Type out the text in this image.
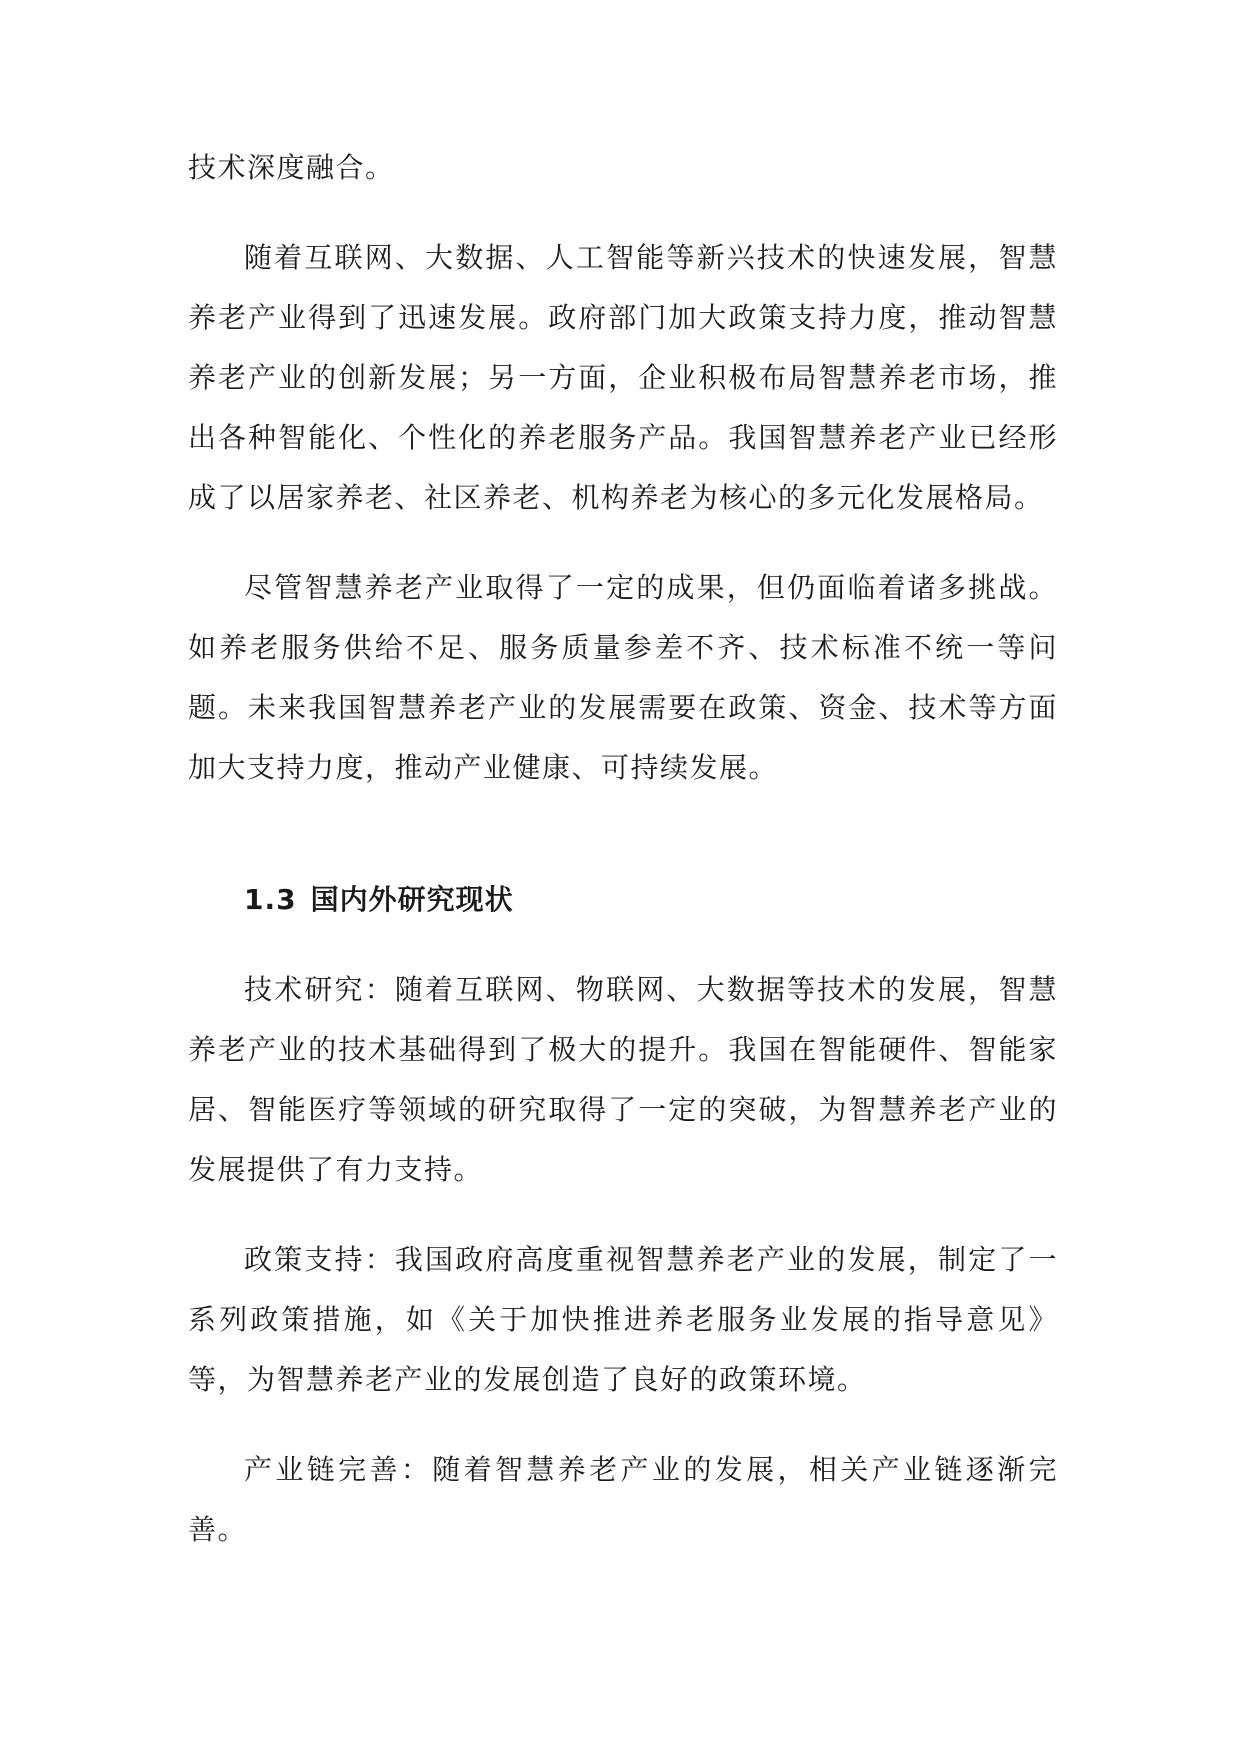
技术深度融合。

随着互联网、大数据、人工智能等新兴技术的快速发展，智慧养老产业得到了迅速发展。政府部门加大政策支持力度，推动智慧养老产业的创新发展；另一方面，企业积极布局智慧养老市场，推出各种智能化、个性化的养老服务产品。我国智慧养老产业已经形成了以居家养老、社区养老、机构养老为核心的多元化发展格局。

尽管智慧养老产业取得了一定的成果，但仍面临着诸多挑战。如养老服务供给不足、服务质量参差不齐、技术标准不统一等问题。未来我国智慧养老产业的发展需要在政策、资金、技术等方面加大支持力度，推动产业健康、可持续发展。

1.3 国内外研究现状

技术研究：随着互联网、物联网、大数据等技术的发展，智慧养老产业的技术基础得到了极大的提升。我国在智能硬件、智能家居、智能医疗等领域的研究取得了一定的突破，为智慧养老产业的发展提供了有力支持。

政策支持：我国政府高度重视智慧养老产业的发展，制定了一系列政策措施，如《关于加快推进养老服务业发展的指导意见》等，为智慧养老产业的发展创造了良好的政策环境。

产业链完善：随着智慧养老产业的发展，相关产业链逐渐完善。
